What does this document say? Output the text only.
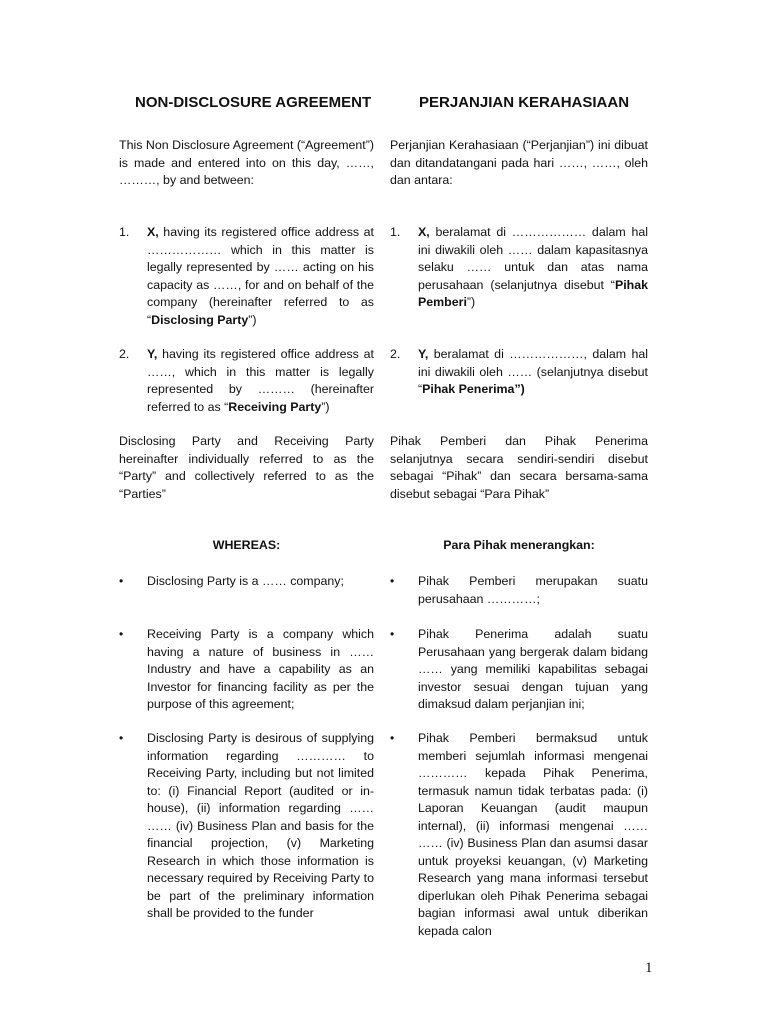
NON-DISCLOSURE AGREEMENT
This Non Disclosure Agreement (“Agreement”) is made and entered into on this day, ……, ………, by and between:
1. X, having its registered office address at ……………… which in this matter is legally represented by …… acting on his capacity as ……, for and on behalf of the company (hereinafter referred to as “Disclosing Party”)
2. Y, having its registered office address at ……, which in this matter is legally represented by ……… (hereinafter referred to as “Receiving Party”)
Disclosing Party and Receiving Party hereinafter individually referred to as the “Party” and collectively referred to as the “Parties”
WHEREAS:
• Disclosing Party is a …… company;
• Receiving Party is a company which having a nature of business in …… Industry and have a capability as an Investor for financing facility as per the purpose of this agreement;
• Disclosing Party is desirous of supplying information regarding ………… to Receiving Party, including but not limited to: (i) Financial Report (audited or in-house), (ii) information regarding …… …… (iv) Business Plan and basis for the financial projection, (v) Marketing Research in which those information is necessary required by Receiving Party to be part of the preliminary information shall be provided to the funder
PERJANJIAN KERAHASIAAN
Perjanjian Kerahasiaan (“Perjanjian”) ini dibuat dan ditandatangani pada hari ……, ……, oleh dan antara:
1. X, beralamat di ……………… dalam hal ini diwakili oleh …… dalam kapasitasnya selaku …… untuk dan atas nama perusahaan (selanjutnya disebut “Pihak Pemberi”)
2. Y, beralamat di ………………, dalam hal ini diwakili oleh …… (selanjutnya disebut “Pihak Penerima”)
Pihak Pemberi dan Pihak Penerima selanjutnya secara sendiri-sendiri disebut sebagai “Pihak” dan secara bersama-sama disebut sebagai “Para Pihak”
Para Pihak menerangkan:
• Pihak Pemberi merupakan suatu perusahaan …………;
• Pihak Penerima adalah suatu Perusahaan yang bergerak dalam bidang …… yang memiliki kapabilitas sebagai investor sesuai dengan tujuan yang dimaksud dalam perjanjian ini;
• Pihak Pemberi bermaksud untuk memberi sejumlah informasi mengenai ………… kepada Pihak Penerima, termasuk namun tidak terbatas pada: (i) Laporan Keuangan (audit maupun internal), (ii) informasi mengenai …… …… (iv) Business Plan dan asumsi dasar untuk proyeksi keuangan, (v) Marketing Research yang mana informasi tersebut diperlukan oleh Pihak Penerima sebagai bagian informasi awal untuk diberikan kepada calon
1
